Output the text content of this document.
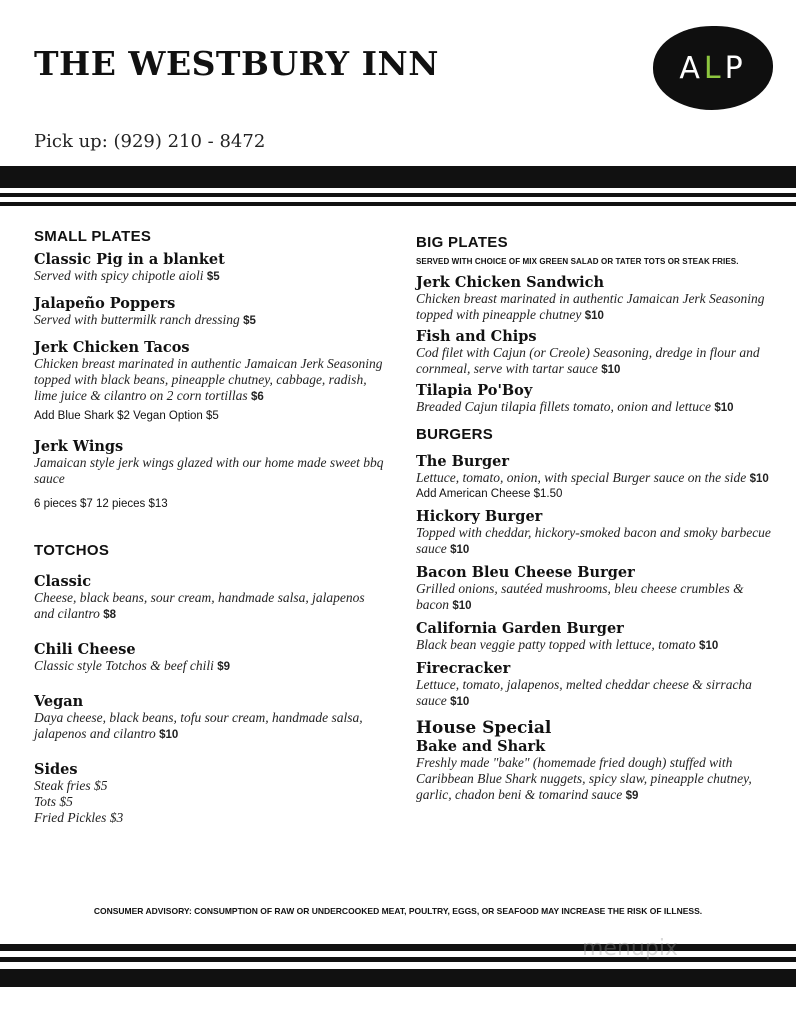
THE WESTBURY INN	A L P
Pick up: (929) 210 - 8472
SMALL PLATES
Classic Pig in a blanket
Served with spicy chipotle aioli $5
Jalapeño Poppers
Served with buttermilk ranch dressing $5
Jerk Chicken Tacos
Chicken breast marinated in authentic Jamaican Jerk Seasoning topped with black beans, pineapple chutney, cabbage, radish, lime juice & cilantro on 2 corn tortillas $6
Add Blue Shark $2 Vegan Option $5
Jerk Wings
Jamaican style jerk wings glazed with our home made sweet bbq sauce
6 pieces $7 12 pieces $13
TOTCHOS
Classic
Cheese, black beans, sour cream, handmade salsa, jalapenos and cilantro $8
Chili Cheese
Classic style Totchos & beef chili $9
Vegan
Daya cheese, black beans, tofu sour cream, handmade salsa, jalapenos and cilantro $10
Sides
Steak fries $5
Tots $5
Fried Pickles $3
BIG PLATES
SERVED WITH CHOICE OF MIX GREEN SALAD OR TATER TOTS OR STEAK FRIES.
Jerk Chicken Sandwich
Chicken breast marinated in authentic Jamaican Jerk Seasoning topped with pineapple chutney $10
Fish and Chips
Cod filet with Cajun (or Creole) Seasoning, dredge in flour and cornmeal, serve with tartar sauce $10
Tilapia Po'Boy
Breaded Cajun tilapia fillets tomato, onion and lettuce $10
BURGERS
The Burger
Lettuce, tomato, onion, with special Burger sauce on the side $10
Add American Cheese $1.50
Hickory Burger
Topped with cheddar, hickory-smoked bacon and smoky barbecue sauce $10
Bacon Bleu Cheese Burger
Grilled onions, sautéed mushrooms, bleu cheese crumbles & bacon $10
California Garden Burger
Black bean veggie patty topped with lettuce, tomato $10
Firecracker
Lettuce, tomato, jalapenos, melted cheddar cheese & sirracha sauce $10
House Special
Bake and Shark
Freshly made "bake" (homemade fried dough) stuffed with Caribbean Blue Shark nuggets, spicy slaw, pineapple chutney, garlic, chadon beni & tomarind sauce $9
CONSUMER ADVISORY: CONSUMPTION OF RAW OR UNDERCOOKED MEAT, POULTRY, EGGS, OR SEAFOOD MAY INCREASE THE RISK OF ILLNESS.
menupix
